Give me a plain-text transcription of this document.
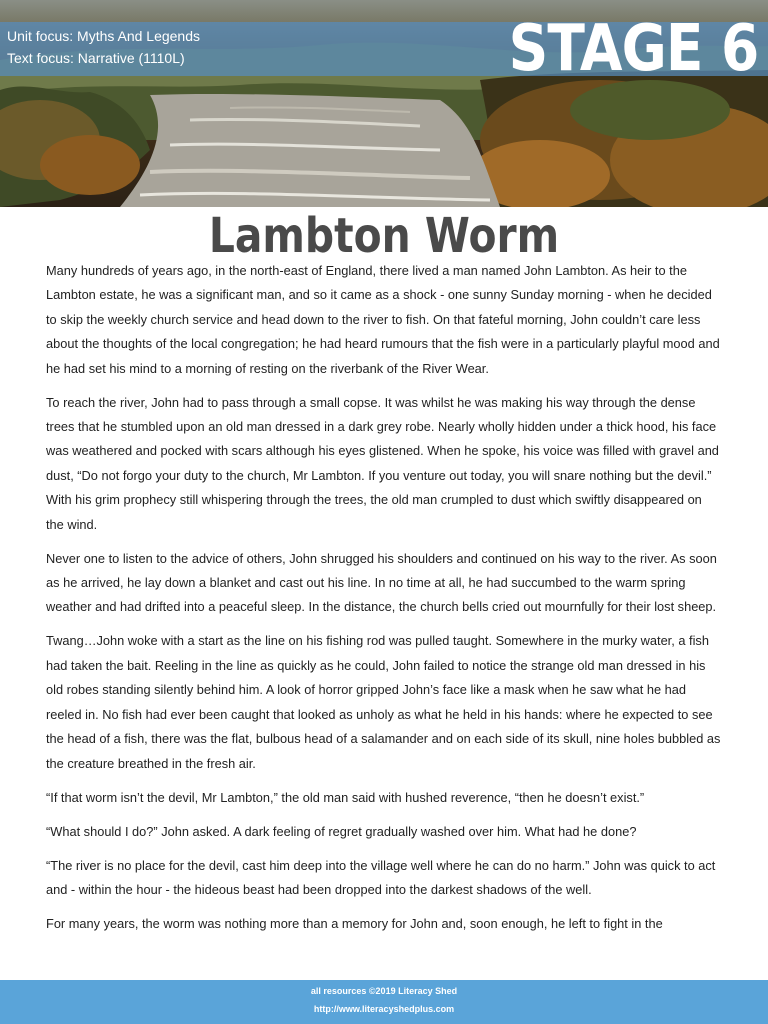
Unit focus: Myths And Legends
Text focus: Narrative (1110L)	STAGE 6
Lambton Worm

Many hundreds of years ago, in the north-east of England, there lived a man named John Lambton. As heir to the Lambton estate, he was a significant man, and so it came as a shock - one sunny Sunday morning - when he decided to skip the weekly church service and head down to the river to fish. On that fateful morning, John couldn’t care less about the thoughts of the local congregation; he had heard rumours that the fish were in a particularly playful mood and he had set his mind to a morning of resting on the riverbank of the River Wear.

To reach the river, John had to pass through a small copse. It was whilst he was making his way through the dense trees that he stumbled upon an old man dressed in a dark grey robe. Nearly wholly hidden under a thick hood, his face was weathered and pocked with scars although his eyes glistened. When he spoke, his voice was filled with gravel and dust, “Do not forgo your duty to the church, Mr Lambton. If you venture out today, you will snare nothing but the devil.” With his grim prophecy still whispering through the trees, the old man crumpled to dust which swiftly disappeared on the wind.

Never one to listen to the advice of others, John shrugged his shoulders and continued on his way to the river. As soon as he arrived, he lay down a blanket and cast out his line. In no time at all, he had succumbed to the warm spring weather and had drifted into a peaceful sleep. In the distance, the church bells cried out mournfully for their lost sheep.

Twang…John woke with a start as the line on his fishing rod was pulled taught. Somewhere in the murky water, a fish had taken the bait. Reeling in the line as quickly as he could, John failed to notice the strange old man dressed in his old robes standing silently behind him. A look of horror gripped John’s face like a mask when he saw what he had reeled in. No fish had ever been caught that looked as unholy as what he held in his hands: where he expected to see the head of a fish, there was the flat, bulbous head of a salamander and on each side of its skull, nine holes bubbled as the creature breathed in the fresh air.

“If that worm isn’t the devil, Mr Lambton,” the old man said with hushed reverence, “then he doesn’t exist.”

“What should I do?” John asked. A dark feeling of regret gradually washed over him. What had he done?

“The river is no place for the devil, cast him deep into the village well where he can do no harm.” John was quick to act and - within the hour - the hideous beast had been dropped into the darkest shadows of the well.

For many years, the worm was nothing more than a memory for John and, soon enough, he left to fight in the

all resources ©2019 Literacy Shed
http://www.literacyshedplus.com
